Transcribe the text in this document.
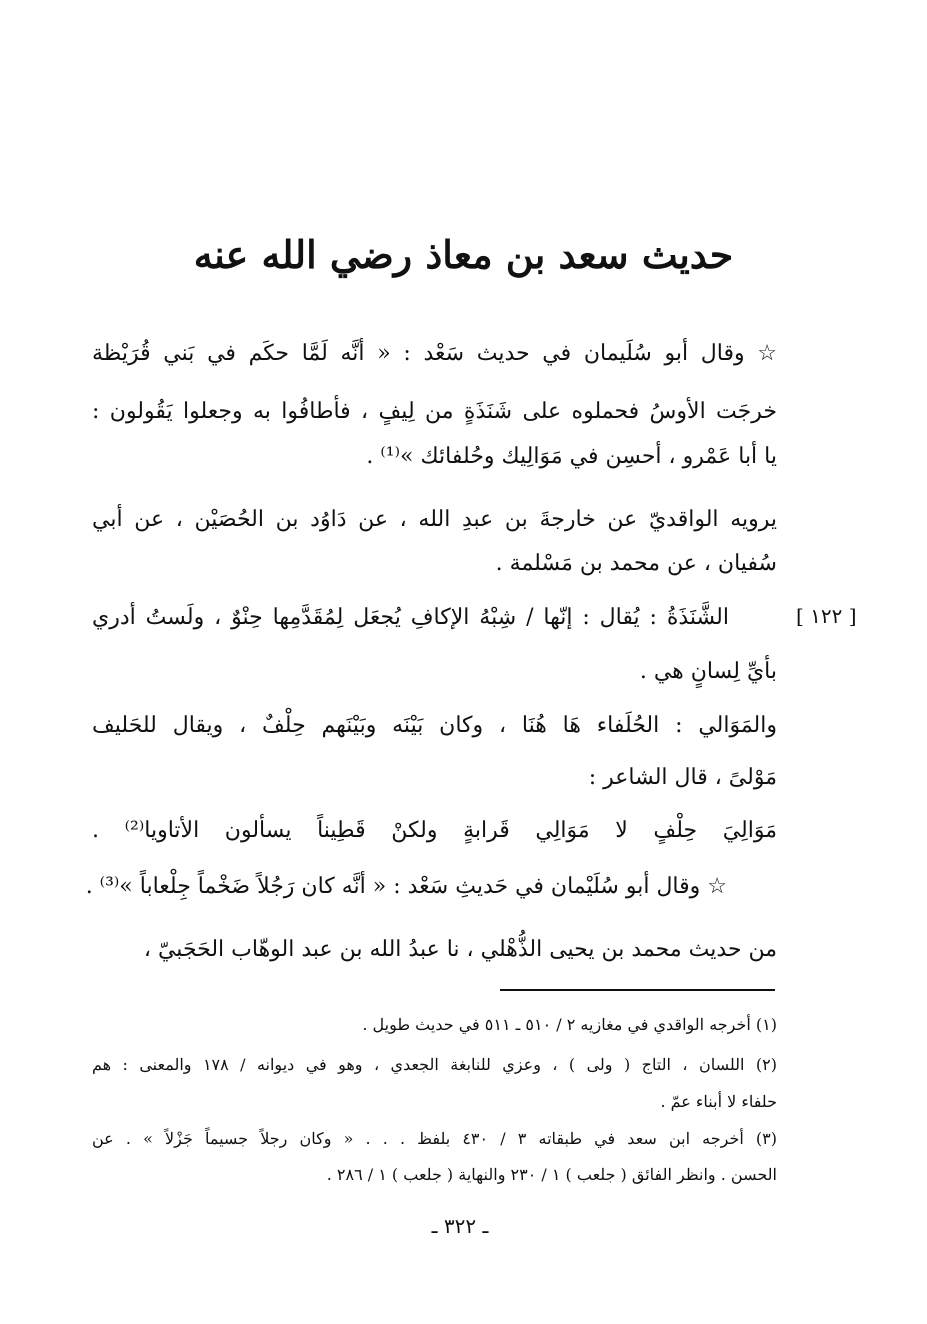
حديث سعد بن معاذ رضي الله عنه
☆ وقال أبو سُلَيمان في حديث سَعْد : « أنَّه لَمَّا حكَم في بَني قُرَيْظة
خرجَت الأوسُ فحملوه على شَنَذَةٍ من لِيفٍ ، فأطافُوا به وجعلوا يَقُولون :
يا أبا عَمْرو ، أحسِن في مَوَالِيك وحُلفائك »⁽¹⁾ .
يرويه الواقديّ عن خارجةَ بن عبدِ الله ، عن دَاوُد بن الحُصَيْن ، عن أبي
سُفيان ، عن محمد بن مَسْلمة .
الشَّنَذَةُ : يُقال : إنّها / شِبْهُ الإكافِ يُجعَل لِمُقَدَّمِها حِنْوٌ ، ولَستُ أدري	[ ١٢٢ ]
بأيِّ لِسانٍ هي .
والمَوَالي : الحُلَفاء هَا هُنَا ، وكان بَيْنَه وبَيْنَهم حِلْفٌ ، ويقال للحَليف
مَوْلىً ، قال الشاعر :
مَوَالِيَ حِلْفٍ لا مَوَالِي قَرابةٍ ولكنْ قَطِيناً يسألون الأتاويا⁽²⁾ .
☆ وقال أبو سُلَيْمان في حَديثِ سَعْد : « أنَّه كان رَجُلاً ضَخْماً جِلْعاباً »⁽³⁾ .
من حديث محمد بن يحيى الذُّهْلي ، نا عبدُ الله بن عبد الوهّاب الحَجَبيّ ،
(١) أخرجه الواقدي في مغازيه ٢ / ٥١٠ ـ ٥١١ في حديث طويل .
(٢) اللسان ، التاج ( ولى ) ، وعزي للنابغة الجعدي ، وهو في ديوانه / ١٧٨ والمعنى : هم
حلفاء لا أبناء عمّ .
(٣) أخرجه ابن سعد في طبقاته ٣ / ٤٣٠ بلفظ . . . « وكان رجلاً جسيماً جَزْلاً » . عن
الحسن . وانظر الفائق ( جلعب ) ١ / ٢٣٠ والنهاية ( جلعب ) ١ / ٢٨٦ .
ـ ٣٢٢ ـ
